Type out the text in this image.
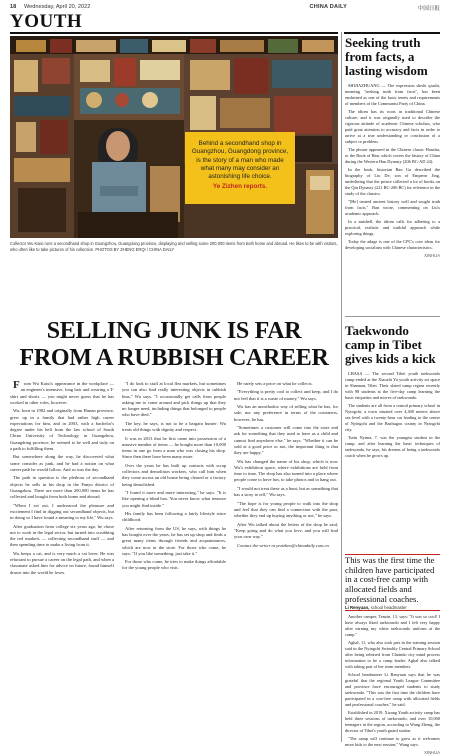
18 Wednesday, April 20, 2022	CHINA DAILY	中国日报
YOUTH
Behind a secondhand shop in Guangzhou, Guangdong province, is the story of a man who made what many may consider an astonishing life choice.
Ye Zizhen reports.
Collector Wu Kaixi runs a secondhand shop in Guangzhou, Guangdong province, displaying and selling some 200,000 items from both home and abroad. He likes to be with visitors, who often like to take pictures of his collection. PHOTOS BY ZHENG ERQI / CHINA DAILY
SELLING JUNK IS FAR FROM A RUBBISH CAREER

From Wu Kaixi's appearance in the workplace — an engineer's intensive, long hair and wearing a T-shirt and shorts — you might never guess that he has worked in other roles, however.

Wu, born in 1982 and originally from Hunan province, grew up in a family that had rather high career expectations for him, and in 2003, with a bachelor's degree under his belt from the law school of South China University of Technology in Guangzhou, Guangdong province, he seemed to be well and truly on a path to fulfilling them.

But somewhere along the way, he discovered what some consider as junk, and he had a notion on what career path he would follow. And so was the day.

The path in question is the plethora of secondhand objects he sells in his shop in the Panyu district of Guangzhou. There are more than 200,000 items he has collected and bought from both home and abroad.

"When I set out, I understood the pleasure and excitement I find in digging out secondhand objects, but in doing so I have found a meaning to my life," Wu says.

After graduation from college six years ago, he chose not to work in the legal sector, but turned into scrubbing the red markets — collecting secondhand stuff — and then spending time to make a living from it.

Wu keeps a cat, and is very much a cat lover. He was reluctant to pursue a career on the legal path, and when a classmate asked him for advice on future, found himself drawn into the world he loves.

"I do look to stuff at local flea markets, but sometimes you can also find really interesting objects in rubbish bins," Wu says. "I occasionally get calls from people asking me to come around and pick things up that they no longer need, including things that belonged to people who have died."

The key, he says, is not to be a bargain hunter: Wu treats old things with dignity and respect.

It was in 2013 that he first came into possession of a massive number of items — he bought more than 10,000 items in one go from a man who was closing his shop. Since then there have been many more.

Over the years he has built up contacts with scrap collectors and demolition workers, who call him when they come across an old house being cleared or a factory being demolished.

"I found it more and more interesting," he says. "It is like opening a blind box. You never know what treasure you might find inside."

His family has been following a fairly lifestyle since childhood.

After returning from the US, he says, with things he has bought over the years, he has set up shop and finds a great many items through friends and acquaintances, which are now in the store. For those who come, he says: "If you like something, just take it."

For those who come, he tries to make things affordable for the young people who visit.

He rarely sets a price on what he collects.

"Everything is pretty cool to collect and keep, and I do not feel that it is a waste of money," Wu says.

Wu has an unorthodox way of selling what he has, for sale, nor any preference in terms of the customers, however, he has.

"Sometimes a customer will come into the store and ask for something that they used to have as a child and cannot find anywhere else," he says. "Whether it can be sold at a good price or not, the important thing is that they are happy."

Wu has changed the name of his shop, which is now Wu's exhibition space, where exhibitions are held from time to time. The shop has also turned into a place where people come to have fun, to take photos and to hang out.

"I would not treat these as a hunt, but as something that has a story to tell," Wu says.

"The hope is for young people to walk into the shop and feel that they can find a connection with the past, whether they end up buying anything or not," he says.

After Wu talked about the letters of the shop he said, "Keep going and do what you love, and you will find your own way."

Contact the writer at yezizhen@chinadaily.com.cn

Seeking truth from facts, a lasting wisdom

SHIJIAZHUANG — The expression shishi qiushi, meaning "seeking truth from facts", has been enshrined as one of the basic tenets and requirements of members of the Communist Party of China.

The idiom has its roots in traditional Chinese culture, and it was originally used to describe the rigorous attitude of academic Chinese scholars, who paid great attention to accuracy and facts in order to arrive at a true understanding or conclusion of a subject or problem.

The phrase appeared in the Chinese classic Hanshu, or the Book of Han, which covers the history of China during the Western Han Dynasty (206 BC-AD 24).

In the book, historian Ban Gu described the biography of Liu De, son of Emperor Jing, underlining that the prince collected a lot of books on the Qin Dynasty (221 BC-206 BC) for reference in the study of the classics.

"[He] treated ancient history well and sought truth from facts," Ban wrote, commenting on Liu's academic approach.

In a nutshell, the idiom calls for adhering to a practical, realistic and truthful approach while exploring things.

Today the adage is one of the CPC's core ideas for developing socialism with Chinese characteristics.

XINHUA
Taekwondo camp in Tibet gives kids a kick

LHASA — The second Tibet youth taekwondo camp ended at the Xiaozhi Yu youth activity art space in Shannan, Tibet. Their slated camp region recently with 98 students at the five-day camp learning the basic etiquettes and moves of taekwondo.

The students are all from a central primary school in Nyingchi, a town situated over 4,400 meters above sea level with a twenty-hour car leading to the center of Nyingchi and the Bazhugou county in Nyingchi city.

Tsein Nyima, 7, was the youngest student in the camp, and after learning the basic techniques of taekwondo, he says, his dreams of being a taekwondo coach when he grows up.

This was the first time the children have participated in a cost-free camp with allocated fields and professional coaches.
Li Renyuan, school headmaster

Another camper, Tenzin, 13, says: "It was so cool! I have always liked taekwondo and I felt very happy after earning my white taekwondo uniform at the camp."

Aghal, 11, who also took part in the training session said in the Nyingchi Swinsbly Central Primary School after being released from Chaindo city mind process information to be a camp leader. Aghal also talked with taking part of her team members.

School headmaster Li Renyuan says that he was grateful that the regional Youth League Committee and province have encouraged students to study taekwondo. "This was the first time the children have participated in a cost-free camp with allocated fields and professional coaches," he said.

Established in 2019, Xizang Youth activity camp has held three sessions of taekwondo, and over 10,000 teenagers in the region, according to Wang Zheng, the director of Tibet's youth guard station.

"The camp will continue to grow as it welcomes more kids to the next session," Wang says.

XINHUA
